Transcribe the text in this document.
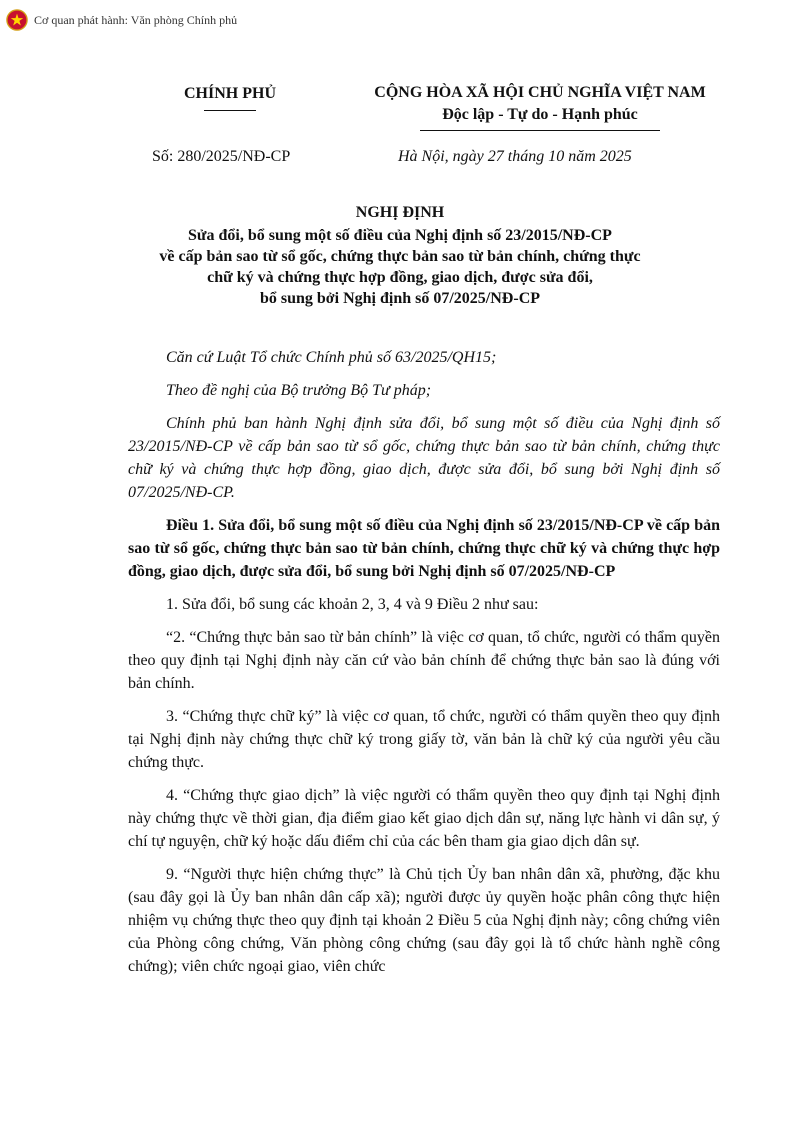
Cơ quan phát hành: Văn phòng Chính phủ
CHÍNH PHỦ	CỘNG HÒA XÃ HỘI CHỦ NGHĨA VIỆT NAM
Độc lập - Tự do - Hạnh phúc
Số: 280/2025/NĐ-CP	Hà Nội, ngày 27 tháng 10 năm 2025
NGHỊ ĐỊNH
Sửa đổi, bổ sung một số điều của Nghị định số 23/2015/NĐ-CP
về cấp bản sao từ sổ gốc, chứng thực bản sao từ bản chính, chứng thực
chữ ký và chứng thực hợp đồng, giao dịch, được sửa đổi,
bổ sung bởi Nghị định số 07/2025/NĐ-CP

Căn cứ Luật Tổ chức Chính phủ số 63/2025/QH15;

Theo đề nghị của Bộ trưởng Bộ Tư pháp;

Chính phủ ban hành Nghị định sửa đổi, bổ sung một số điều của Nghị định số 23/2015/NĐ-CP về cấp bản sao từ sổ gốc, chứng thực bản sao từ bản chính, chứng thực chữ ký và chứng thực hợp đồng, giao dịch, được sửa đổi, bổ sung bởi Nghị định số 07/2025/NĐ-CP.

Điều 1. Sửa đổi, bổ sung một số điều của Nghị định số 23/2015/NĐ-CP về cấp bản sao từ sổ gốc, chứng thực bản sao từ bản chính, chứng thực chữ ký và chứng thực hợp đồng, giao dịch, được sửa đổi, bổ sung bởi Nghị định số 07/2025/NĐ-CP

1. Sửa đổi, bổ sung các khoản 2, 3, 4 và 9 Điều 2 như sau:

“2. “Chứng thực bản sao từ bản chính” là việc cơ quan, tổ chức, người có thẩm quyền theo quy định tại Nghị định này căn cứ vào bản chính để chứng thực bản sao là đúng với bản chính.

3. “Chứng thực chữ ký” là việc cơ quan, tổ chức, người có thẩm quyền theo quy định tại Nghị định này chứng thực chữ ký trong giấy tờ, văn bản là chữ ký của người yêu cầu chứng thực.

4. “Chứng thực giao dịch” là việc người có thẩm quyền theo quy định tại Nghị định này chứng thực về thời gian, địa điểm giao kết giao dịch dân sự, năng lực hành vi dân sự, ý chí tự nguyện, chữ ký hoặc dấu điểm chỉ của các bên tham gia giao dịch dân sự.

9. “Người thực hiện chứng thực” là Chủ tịch Ủy ban nhân dân xã, phường, đặc khu (sau đây gọi là Ủy ban nhân dân cấp xã); người được ủy quyền hoặc phân công thực hiện nhiệm vụ chứng thực theo quy định tại khoản 2 Điều 5 của Nghị định này; công chứng viên của Phòng công chứng, Văn phòng công chứng (sau đây gọi là tổ chức hành nghề công chứng); viên chức ngoại giao, viên chức
